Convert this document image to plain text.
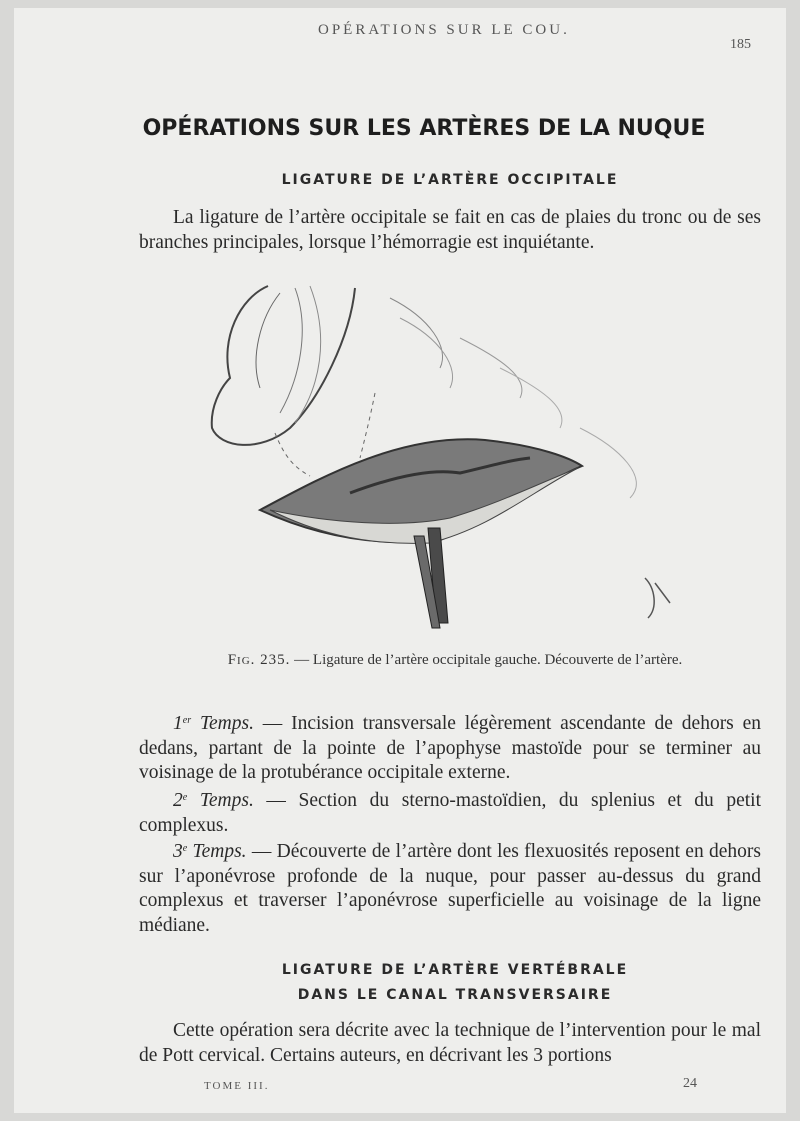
OPÉRATIONS SUR LE COU.
185
OPÉRATIONS SUR LES ARTÈRES DE LA NUQUE
LIGATURE DE L’ARTÈRE OCCIPITALE

La ligature de l’artère occipitale se fait en cas de plaies du tronc ou de ses branches principales, lorsque l’hémorragie est inquiétante.

Fig. 235. — Ligature de l’artère occipitale gauche. Découverte de l’artère.

1er Temps. — Incision transversale légèrement ascendante de dehors en dedans, partant de la pointe de l’apophyse mastoïde pour se terminer au voisinage de la protubérance occipitale externe.

2e Temps. — Section du sterno-mastoïdien, du splenius et du petit complexus.

3e Temps. — Découverte de l’artère dont les flexuosités reposent en dehors sur l’aponévrose profonde de la nuque, pour passer au-dessus du grand complexus et traverser l’aponévrose superficielle au voisinage de la ligne médiane.

LIGATURE DE L’ARTÈRE VERTÉBRALE
DANS LE CANAL TRANSVERSAIRE

Cette opération sera décrite avec la technique de l’intervention pour le mal de Pott cervical. Certains auteurs, en décrivant les 3 portions

TOME III.	24
